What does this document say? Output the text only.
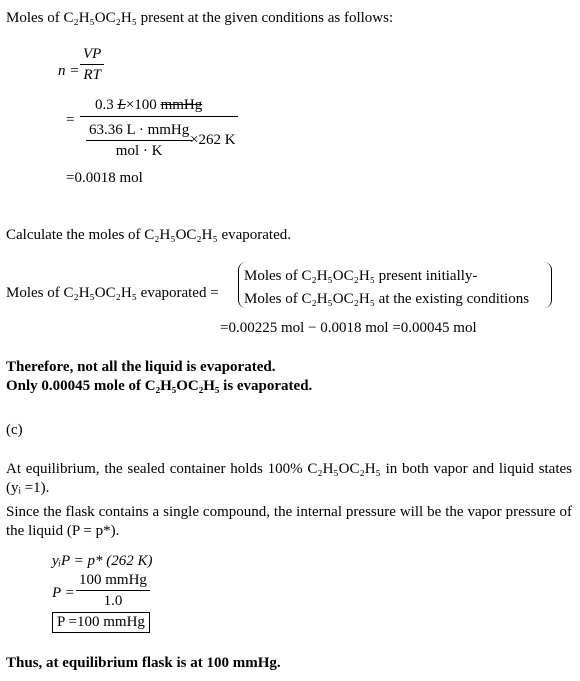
Moles of C₂H₅OC₂H₅ present at the given conditions as follows:
$n = \frac{VP}{RT}$
=
0.3 L×100 mmHg
$\frac{\text{63.36 L · mmHg}}{\text{mol · K}}$
×262 K
=0.0018 mol
Calculate the moles of C₂H₅OC₂H₅ evaporated.
Moles of C₂H₅OC₂H₅ evaporated =
Moles of C₂H₅OC₂H₅ present initially-
Moles of C₂H₅OC₂H₅ at the existing conditions
=0.00225 mol − 0.0018 mol =0.00045 mol
Therefore, not all the liquid is evaporated.
Only 0.00045 mole of C₂H₅OC₂H₅ is evaporated.
(c)
At equilibrium, the sealed container holds 100% C₂H₅OC₂H₅ in both vapor and liquid states (yᵢ =1).
Since the flask contains a single compound, the internal pressure will be the vapor pressure of the liquid (P = p*).
yᵢP = p* (262 K)
$P = \frac{\text{100 mmHg}}{1.0}$
P =100 mmHg
Thus, at equilibrium flask is at 100 mmHg.
